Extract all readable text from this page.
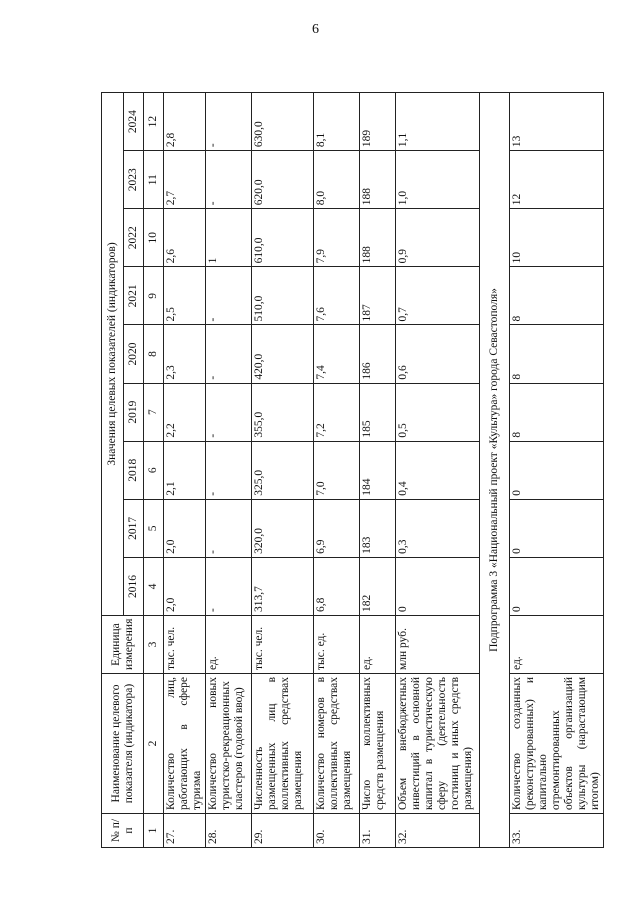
6
№ п/п	Наименование целевого показателя (индикатора)	Единица измерения	Значения целевых показателей (индикаторов)								
			2016	2017	2018	2019	2020	2021	2022	2023	2024
1	2	3	4	5	6	7	8	9	10	11	12
27.	Количество лиц, работающих в сфере туризма	тыс. чел.	2,0	2,0	2,1	2,2	2,3	2,5	2,6	2,7	2,8
28.	Количество новых туристско-рекреационных кластеров (годовой ввод)	ед.	-	-	-	-	-	-	1	-	-
29.	Численность размещенных лиц в коллективных средствах размещения	тыс. чел.	313,7	320,0	325,0	355,0	420,0	510,0	610,0	620,0	630,0
30.	Количество номеров в коллективных средствах размещения	тыс. ед.	6,8	6,9	7,0	7,2	7,4	7,6	7,9	8,0	8,1
31.	Число коллективных средств размещения	ед.	182	183	184	185	186	187	188	188	189
32.	Объем внебюджетных инвестиций в основной капитал в туристическую сферу (деятельность гостиниц и иных средств размещения)	млн руб.	0	0,3	0,4	0,5	0,6	0,7	0,9	1,0	1,1
Подпрограмма 3 «Национальный проект «Культура» города Севастополя»											
33.	Количество созданных (реконструированных) и капитально отремонтированных объектов организаций культуры (нарастающим итогом)	ед.	0	0	0	8	8	8	10	12	13
